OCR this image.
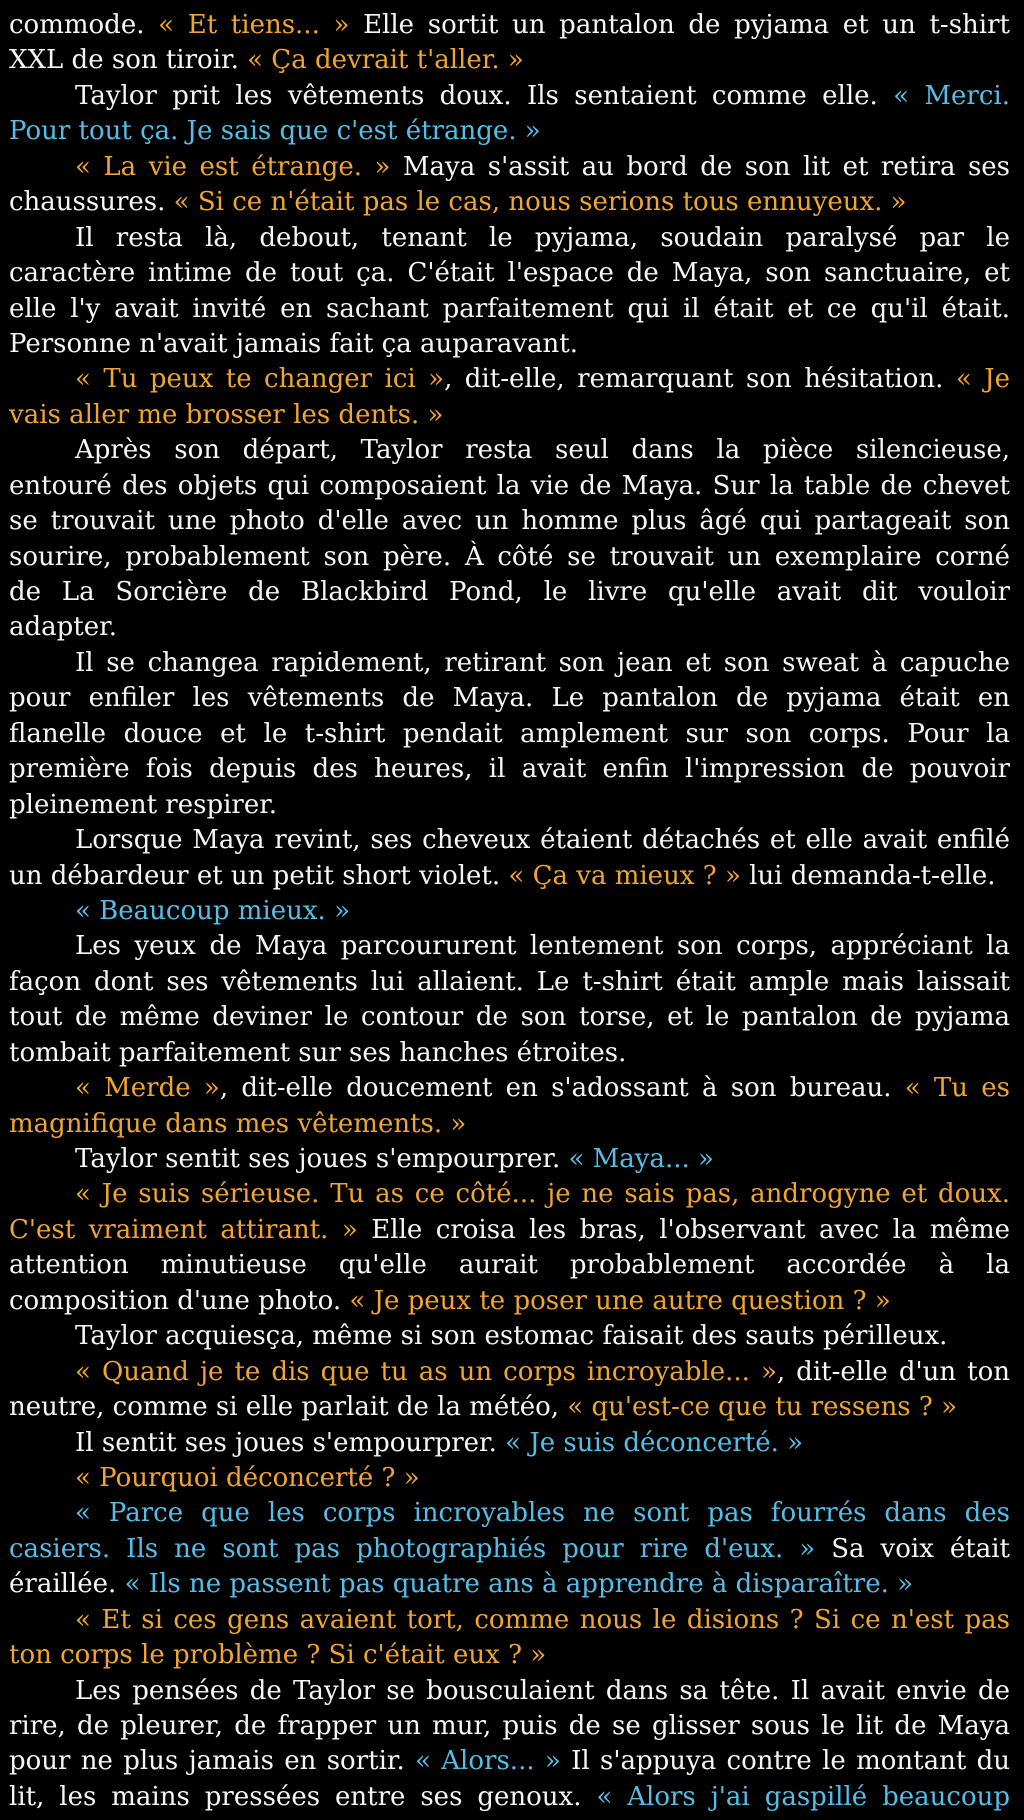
commode. « Et tiens... » Elle sortit un pantalon de pyjama et un t-shirt
XXL de son tiroir. « Ça devrait t'aller. »
Taylor prit les vêtements doux. Ils sentaient comme elle. « Merci.
Pour tout ça. Je sais que c'est étrange. »
« La vie est étrange. » Maya s'assit au bord de son lit et retira ses
chaussures. « Si ce n'était pas le cas, nous serions tous ennuyeux. »
Il resta là, debout, tenant le pyjama, soudain paralysé par le
caractère intime de tout ça. C'était l'espace de Maya, son sanctuaire, et
elle l'y avait invité en sachant parfaitement qui il était et ce qu'il était.
Personne n'avait jamais fait ça auparavant.
« Tu peux te changer ici », dit-elle, remarquant son hésitation. « Je
vais aller me brosser les dents. »
Après son départ, Taylor resta seul dans la pièce silencieuse,
entouré des objets qui composaient la vie de Maya. Sur la table de chevet
se trouvait une photo d'elle avec un homme plus âgé qui partageait son
sourire, probablement son père. À côté se trouvait un exemplaire corné
de La Sorcière de Blackbird Pond, le livre qu'elle avait dit vouloir
adapter.
Il se changea rapidement, retirant son jean et son sweat à capuche
pour enfiler les vêtements de Maya. Le pantalon de pyjama était en
flanelle douce et le t-shirt pendait amplement sur son corps. Pour la
première fois depuis des heures, il avait enfin l'impression de pouvoir
pleinement respirer.
Lorsque Maya revint, ses cheveux étaient détachés et elle avait enfilé
un débardeur et un petit short violet. « Ça va mieux ? » lui demanda-t-elle.
« Beaucoup mieux. »
Les yeux de Maya parcoururent lentement son corps, appréciant la
façon dont ses vêtements lui allaient. Le t-shirt était ample mais laissait
tout de même deviner le contour de son torse, et le pantalon de pyjama
tombait parfaitement sur ses hanches étroites.
« Merde », dit-elle doucement en s'adossant à son bureau. « Tu es
magnifique dans mes vêtements. »
Taylor sentit ses joues s'empourprer. « Maya... »
« Je suis sérieuse. Tu as ce côté... je ne sais pas, androgyne et doux.
C'est vraiment attirant. » Elle croisa les bras, l'observant avec la même
attention minutieuse qu'elle aurait probablement accordée à la
composition d'une photo. « Je peux te poser une autre question ? »
Taylor acquiesça, même si son estomac faisait des sauts périlleux.
« Quand je te dis que tu as un corps incroyable... », dit-elle d'un ton
neutre, comme si elle parlait de la météo, « qu'est-ce que tu ressens ? »
Il sentit ses joues s'empourprer. « Je suis déconcerté. »
« Pourquoi déconcerté ? »
« Parce que les corps incroyables ne sont pas fourrés dans des
casiers. Ils ne sont pas photographiés pour rire d'eux. » Sa voix était
éraillée. « Ils ne passent pas quatre ans à apprendre à disparaître. »
« Et si ces gens avaient tort, comme nous le disions ? Si ce n'est pas
ton corps le problème ? Si c'était eux ? »
Les pensées de Taylor se bousculaient dans sa tête. Il avait envie de
rire, de pleurer, de frapper un mur, puis de se glisser sous le lit de Maya
pour ne plus jamais en sortir. « Alors... » Il s'appuya contre le montant du
lit, les mains pressées entre ses genoux. « Alors j'ai gaspillé beaucoup
